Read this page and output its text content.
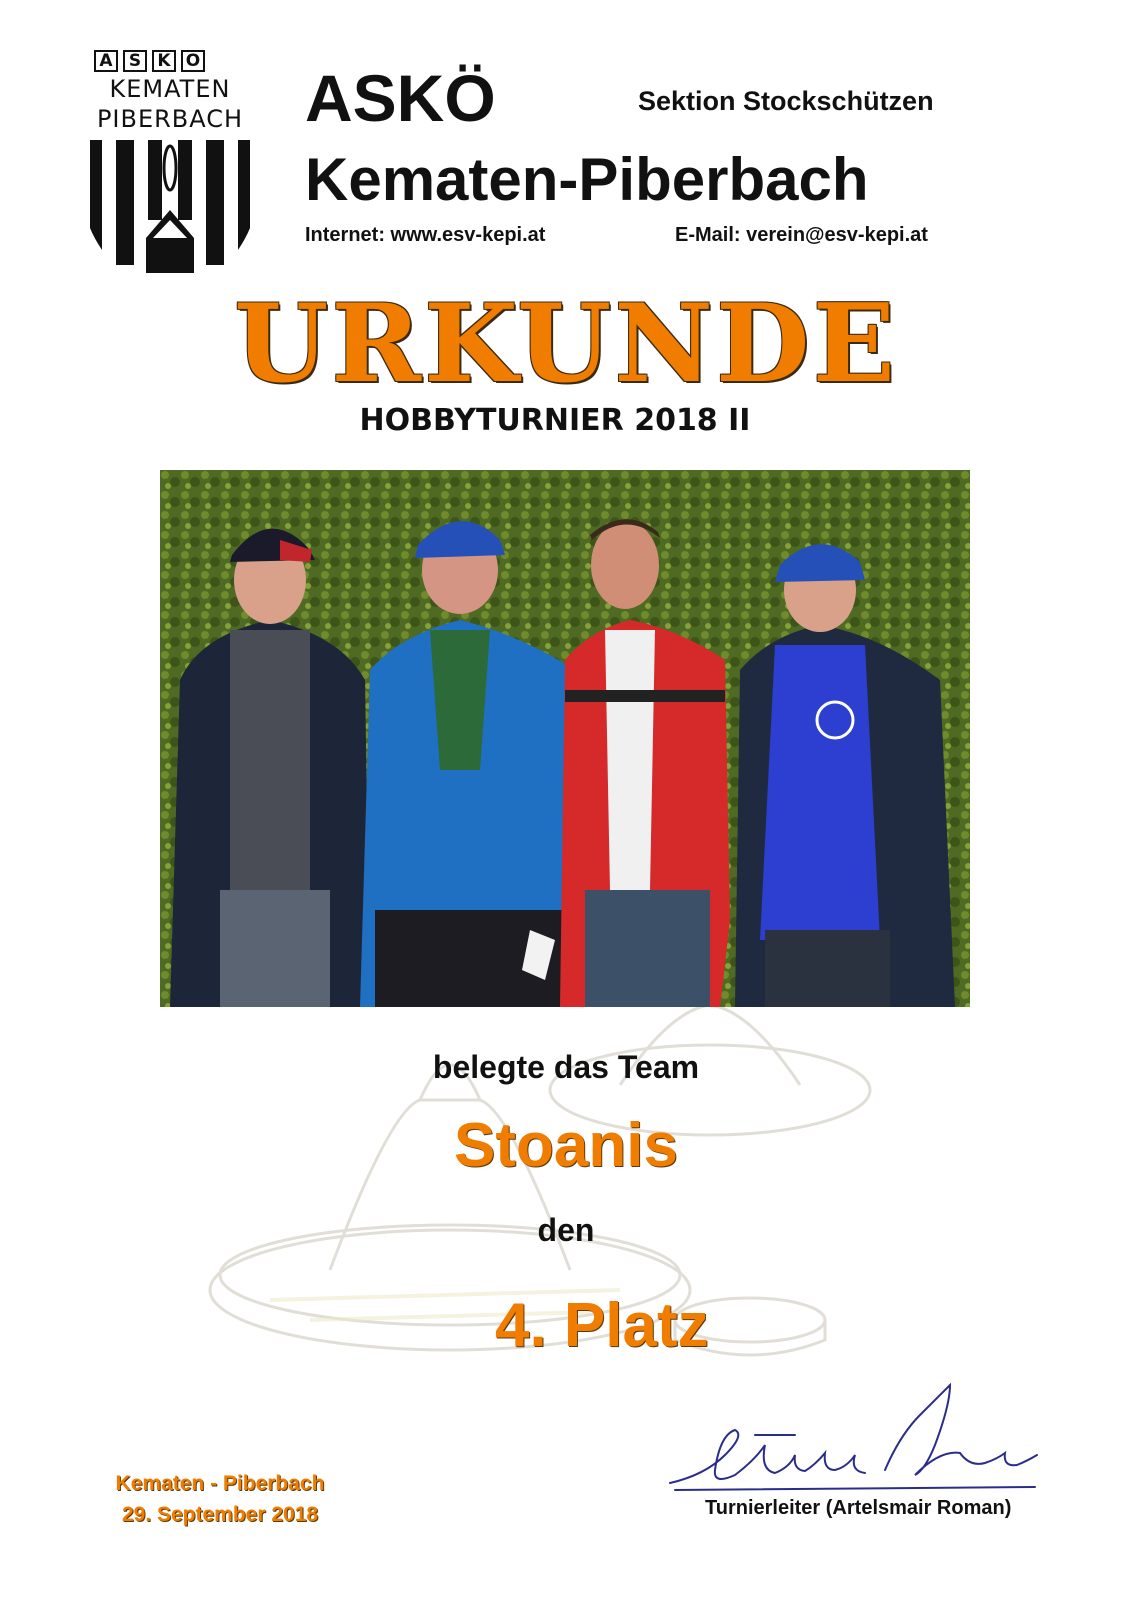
A S K Ö
KEMATEN
PIBERBACH ASKÖ	Sektion Stockschützen
Kematen-Piberbach
Internet: www.esv-kepi.at	E-Mail: verein@esv-kepi.at
URKUNDE
HOBBYTURNIER 2018 II
belegte das Team
Stoanis
den
4. Platz
Kematen - Piberbach
29. September 2018	Turnierleiter (Artelsmair Roman)
